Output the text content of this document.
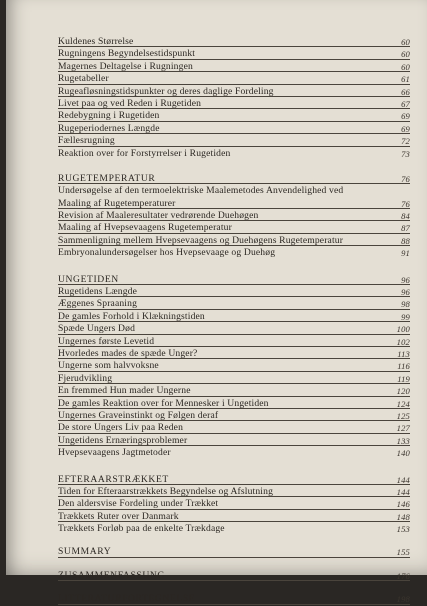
Kuldenes Størrelse	60
Rugningens Begyndelsestidspunkt	60
Magernes Deltagelse i Rugningen	60
Rugetabeller	61
Rugeafløsningstidspunkter og deres daglige Fordeling	66
Livet paa og ved Reden i Rugetiden	67
Redebygning i Rugetiden	69
Rugeperiodernes Længde	69
Fællesrugning	72
Reaktion over for Forstyrrelser i Rugetiden	73
RUGETEMPERATUR	76
Undersøgelse af den termoelektriske Maalemetodes Anvendelighed ved
Maaling af Rugetemperaturer	76
Revision af Maaleresultater vedrørende Duehøgen	84
Maaling af Hvepsevaagens Rugetemperatur	87
Sammenligning mellem Hvepsevaagens og Duehøgens Rugetemperatur	88
Embryonalundersøgelser hos Hvepsevaage og Duehøg	91
UNGETIDEN	96
Rugetidens Længde	96
Æggenes Spraaning	98
De gamles Forhold i Klækningstiden	99
Spæde Ungers Død	100
Ungernes første Levetid	102
Hvorledes mades de spæde Unger?	113
Ungerne som halvvoksne	116
Fjerudvikling	119
En fremmed Hun mader Ungerne	120
De gamles Reaktion over for Mennesker i Ungetiden	124
Ungernes Graveinstinkt og Følgen deraf	125
De store Ungers Liv paa Reden	127
Ungetidens Ernæringsproblemer	133
Hvepsevaagens Jagtmetoder	140
EFTERAARSTRÆKKET	144
Tiden for Efteraarstrækkets Begyndelse og Afslutning	144
Den aldersvise Fordeling under Trækket	146
Trækkets Ruter over Danmark	148
Trækkets Forløb paa de enkelte Trækdage	153
SUMMARY	155
ZUSAMMENFASSUNG	176
LITTERATURFORTEGNELSE	198
